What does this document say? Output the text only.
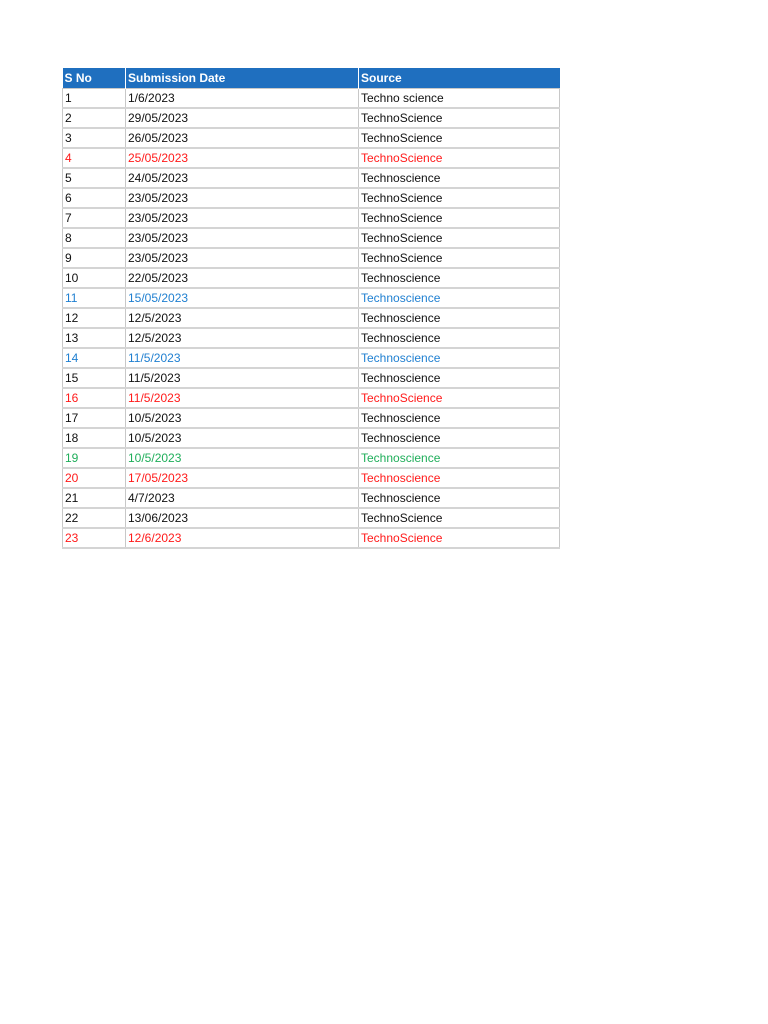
S No	Submission Date	Source
1	1/6/2023	Techno science
2	29/05/2023	TechnoScience
3	26/05/2023	TechnoScience
4	25/05/2023	TechnoScience
5	24/05/2023	Technoscience
6	23/05/2023	TechnoScience
7	23/05/2023	TechnoScience
8	23/05/2023	TechnoScience
9	23/05/2023	TechnoScience
10	22/05/2023	Technoscience
11	15/05/2023	Technoscience
12	12/5/2023	Technoscience
13	12/5/2023	Technoscience
14	11/5/2023	Technoscience
15	11/5/2023	Technoscience
16	11/5/2023	TechnoScience
17	10/5/2023	Technoscience
18	10/5/2023	Technoscience
19	10/5/2023	Technoscience
20	17/05/2023	Technoscience
21	4/7/2023	Technoscience
22	13/06/2023	TechnoScience
23	12/6/2023	TechnoScience
